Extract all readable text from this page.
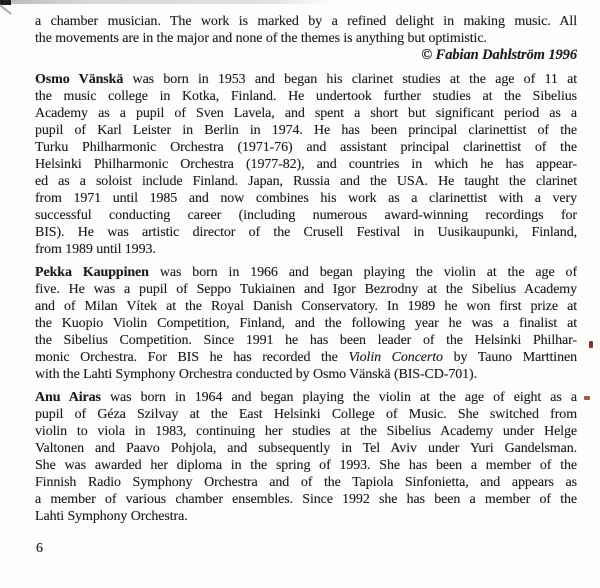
a chamber musician. The work is marked by a refined delight in making music. All
the movements are in the major and none of the themes is anything but optimistic.
© Fabian Dahlström 1996
Osmo Vänskä was born in 1953 and began his clarinet studies at the age of 11 at
the music college in Kotka, Finland. He undertook further studies at the Sibelius
Academy as a pupil of Sven Lavela, and spent a short but significant period as a
pupil of Karl Leister in Berlin in 1974. He has been principal clarinettist of the
Turku Philharmonic Orchestra (1971-76) and assistant principal clarinettist of the
Helsinki Philharmonic Orchestra (1977-82), and countries in which he has appear-
ed as a soloist include Finland. Japan, Russia and the USA. He taught the clarinet
from 1971 until 1985 and now combines his work as a clarinettist with a very
successful conducting career (including numerous award-winning recordings for
BIS). He was artistic director of the Crusell Festival in Uusikaupunki, Finland,
from 1989 until 1993.
Pekka Kauppinen was born in 1966 and began playing the violin at the age of
five. He was a pupil of Seppo Tukiainen and Igor Bezrodny at the Sibelius Academy
and of Milan Vítek at the Royal Danish Conservatory. In 1989 he won first prize at
the Kuopio Violin Competition, Finland, and the following year he was a finalist at
the Sibelius Competition. Since 1991 he has been leader of the Helsinki Philhar-
monic Orchestra. For BIS he has recorded the Violin Concerto by Tauno Marttinen
with the Lahti Symphony Orchestra conducted by Osmo Vänskä (BIS-CD-701).
Anu Airas was born in 1964 and began playing the violin at the age of eight as a
pupil of Géza Szilvay at the East Helsinki College of Music. She switched from
violin to viola in 1983, continuing her studies at the Sibelius Academy under Helge
Valtonen and Paavo Pohjola, and subsequently in Tel Aviv under Yuri Gandelsman.
She was awarded her diploma in the spring of 1993. She has been a member of the
Finnish Radio Symphony Orchestra and of the Tapiola Sinfonietta, and appears as
a member of various chamber ensembles. Since 1992 she has been a member of the
Lahti Symphony Orchestra.
6
